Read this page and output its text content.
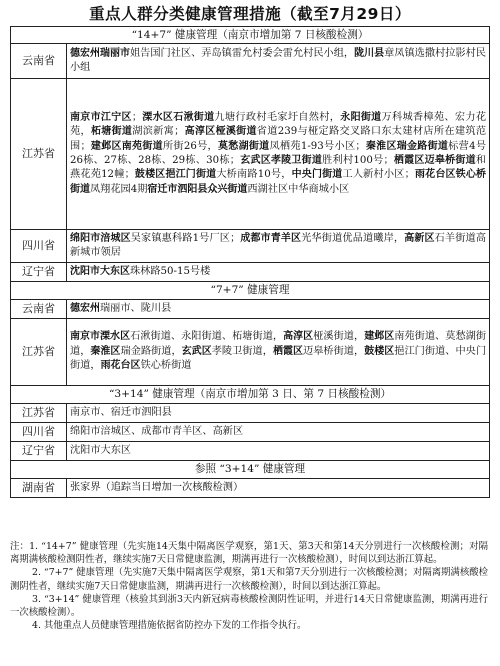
重点人群分类健康管理措施（截至7月29日）
“14+7” 健康管理（南京市增加第 7 日核酸检测）	
云南省	德宏州瑞丽市姐告国门社区、弄岛镇雷允村委会雷允村民小组，陇川县章凤镇选撒村拉影村民小组
江苏省	南京市江宁区；溧水区石湫街道九塘行政村毛家圩自然村，永阳街道万科城香樟苑、宏力花苑，柘塘街道湖滨新寓；高淳区桠溪街道省道239与桠定路交叉路口东太建材店所在建筑范围；建邺区南苑街道所街26号，莫愁湖街道凤栖苑1-93号小区；秦淮区瑞金路街道标营4号26栋、27栋、28栋、29栋、30栋；玄武区孝陵卫街道胜利村100号；栖霞区迈皋桥街道和燕花苑12幢；鼓楼区挹江门街道大桥南路10号，中央门街道工人新村小区；雨花台区铁心桥街道凤翔花园4期宿迁市泗阳县众兴街道西湖社区中华商城小区
四川省	绵阳市涪城区吴家镇惠科路1号厂区；成都市青羊区光华街道优品道曦岸，高新区石羊街道高新城市领居
辽宁省	沈阳市大东区珠林路50-15号楼
“7+7” 健康管理	
云南省	德宏州瑞丽市、陇川县
江苏省	南京市溧水区石湫街道、永阳街道、柘塘街道，高淳区桠溪街道，建邺区南苑街道、莫愁湖街道，秦淮区瑞金路街道，玄武区孝陵卫街道，栖霞区迈皋桥街道，鼓楼区挹江门街道、中央门街道，雨花台区铁心桥街道
“3+14” 健康管理（南京市增加第 3 日、第 7 日核酸检测）	
江苏省	南京市、宿迁市泗阳县
四川省	绵阳市涪城区、成都市青羊区、高新区
辽宁省	沈阳市大东区
参照 “3+14” 健康管理	
湖南省	张家界（追踪当日增加一次核酸检测）

注：1. “14+7” 健康管理（先实施14天集中隔离医学观察，第1天、第3天和第14天分别进行一次核酸检测；对隔离期满核酸检测阴性者，继续实施7天日常健康监测，期满再进行一次核酸检测），时间以到达浙江算起。

2. “7+7” 健康管理（先实施7天集中隔离医学观察，第1天和第7天分别进行一次核酸检测；对隔离期满核酸检测阴性者，继续实施7天日常健康监测，期满再进行一次核酸检测），时间以到达浙江算起。

3. “3+14” 健康管理（核验其到浙3天内新冠病毒核酸检测阴性证明，并进行14天日常健康监测，期满再进行一次核酸检测）。

4. 其他重点人员健康管理措施依据省防控办下发的工作指令执行。
